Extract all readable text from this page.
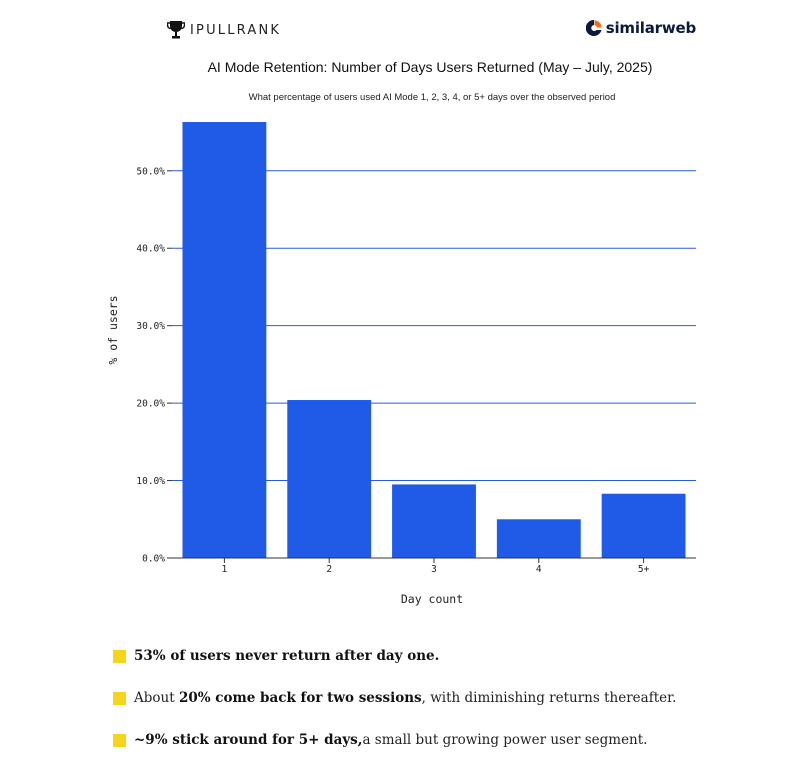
IPULLRANK	similarweb
AI Mode Retention: Number of Days Users Returned (May – July, 2025)
What percentage of users used AI Mode 1, 2, 3, 4, or 5+ days over the observed period
0.0%
10.0%
20.0%
30.0%
40.0%
50.0%
1	2	3	4	5+
Day count
% of users
53% of users never return after day one.
About
20% come back for two sessions , with diminishing returns thereafter.
~9% stick around for 5+ days, a small but growing power user segment.
